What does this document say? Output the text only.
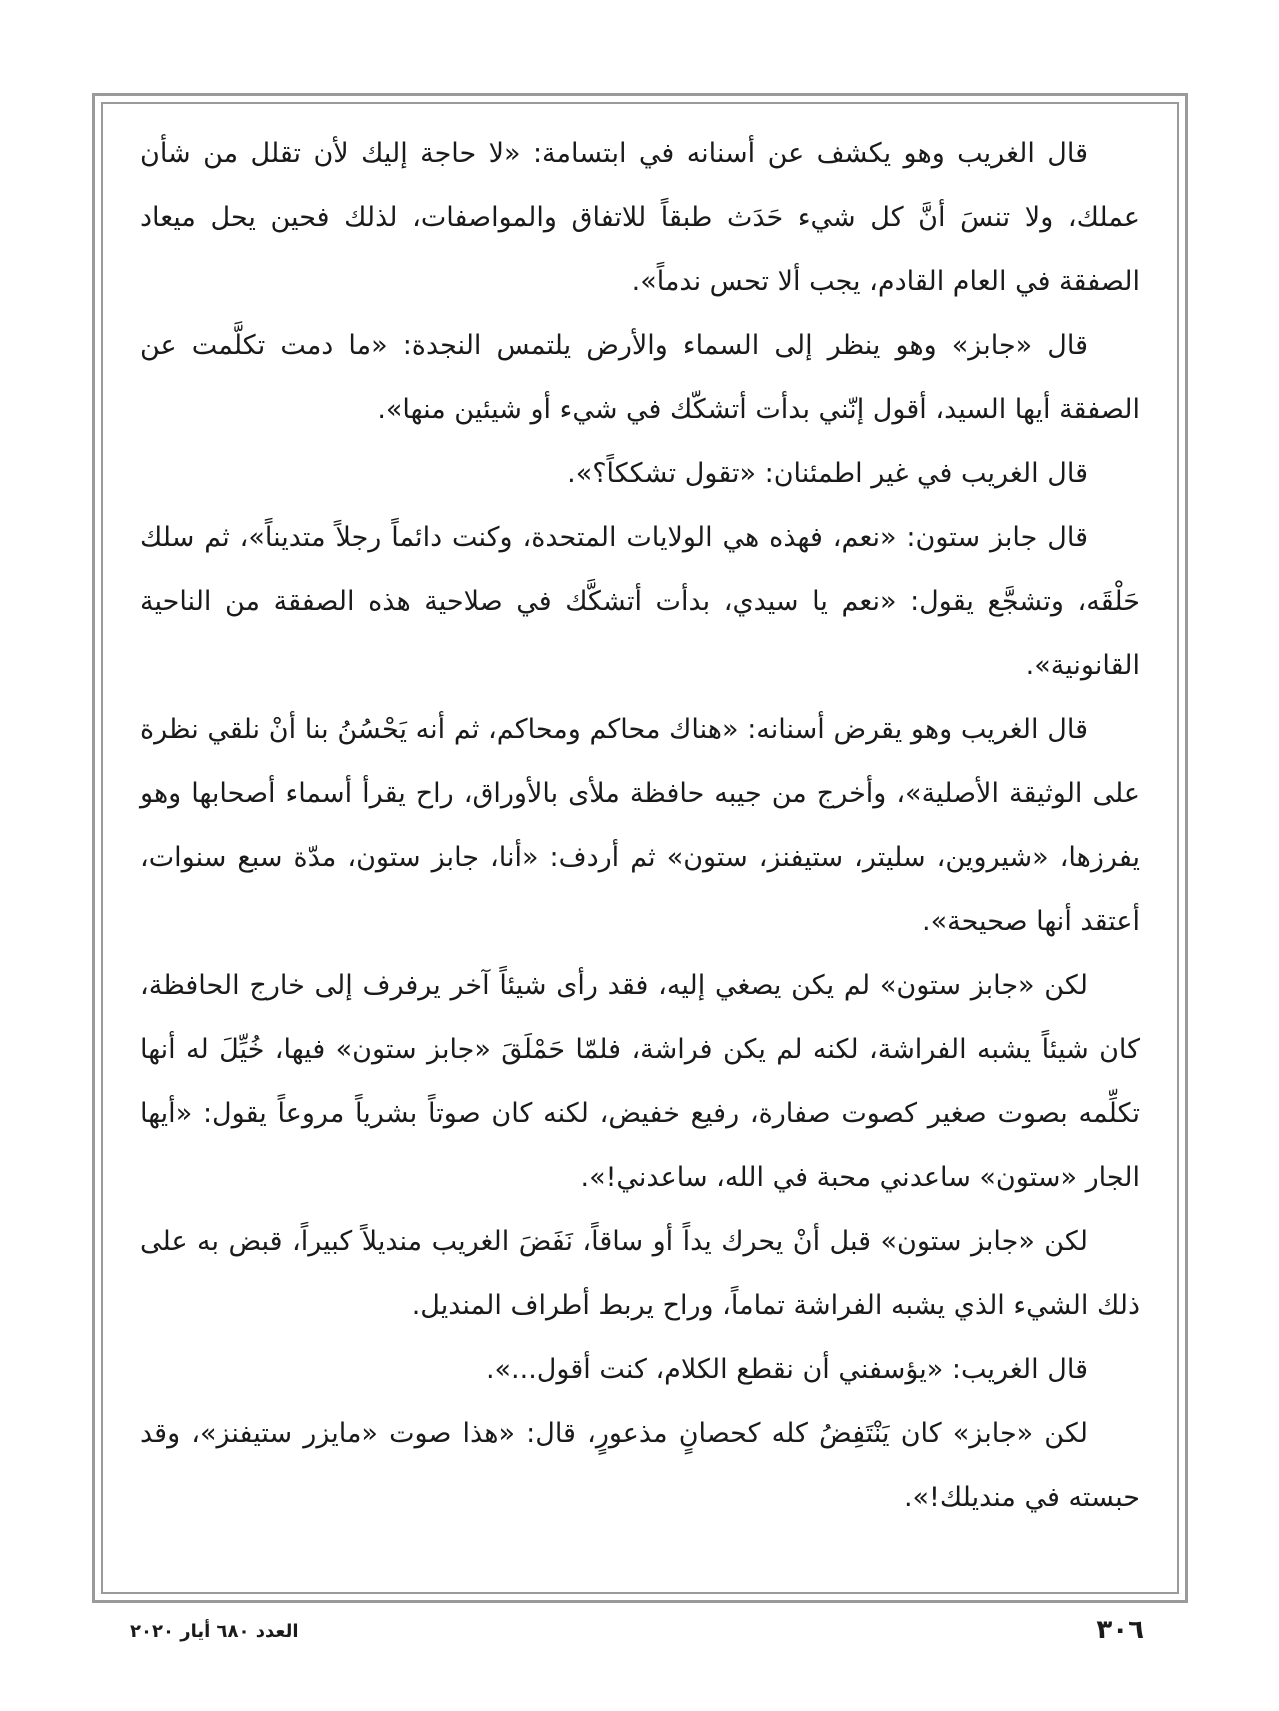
قال الغريب وهو يكشف عن أسنانه في ابتسامة: «لا حاجة إليك لأن تقلل من شأن عملك، ولا تنسَ أنَّ كل شيء حَدَث طبقاً للاتفاق والمواصفات، لذلك فحين يحل ميعاد الصفقة في العام القادم، يجب ألا تحس ندماً».

قال «جابز» وهو ينظر إلى السماء والأرض يلتمس النجدة: «ما دمت تكلَّمت عن الصفقة أيها السيد، أقول إنّني بدأت أتشكّك في شيء أو شيئين منها».

قال الغريب في غير اطمئنان: «تقول تشككاً؟».

قال جابز ستون: «نعم، فهذه هي الولايات المتحدة، وكنت دائماً رجلاً متديناً»، ثم سلك حَلْقَه، وتشجَّع يقول: «نعم يا سيدي، بدأت أتشكَّك في صلاحية هذه الصفقة من الناحية القانونية».

قال الغريب وهو يقرض أسنانه: «هناك محاكم ومحاكم، ثم أنه يَحْسُنُ بنا أنْ نلقي نظرة على الوثيقة الأصلية»، وأخرج من جيبه حافظة ملأى بالأوراق، راح يقرأ أسماء أصحابها وهو يفرزها، «شيروين، سليتر، ستيفنز، ستون» ثم أردف: «أنا، جابز ستون، مدّة سبع سنوات، أعتقد أنها صحيحة».

لكن «جابز ستون» لم يكن يصغي إليه، فقد رأى شيئاً آخر يرفرف إلى خارج الحافظة، كان شيئاً يشبه الفراشة، لكنه لم يكن فراشة، فلمّا حَمْلَقَ «جابز ستون» فيها، خُيِّلَ له أنها تكلِّمه بصوت صغير كصوت صفارة، رفيع خفيض، لكنه كان صوتاً بشرياً مروعاً يقول: «أيها الجار «ستون» ساعدني محبة في الله، ساعدني!».

لكن «جابز ستون» قبل أنْ يحرك يداً أو ساقاً، نَفَضَ الغريب منديلاً كبيراً، قبض به على ذلك الشيء الذي يشبه الفراشة تماماً، وراح يربط أطراف المنديل.

قال الغريب: «يؤسفني أن نقطع الكلام، كنت أقول...».

لكن «جابز» كان يَنْتَفِضُ كله كحصانٍ مذعورٍ، قال: «هذا صوت «مايزر ستيفنز»، وقد حبسته في منديلك!».

٣٠٦
العدد ٦٨٠ أيار ٢٠٢٠
